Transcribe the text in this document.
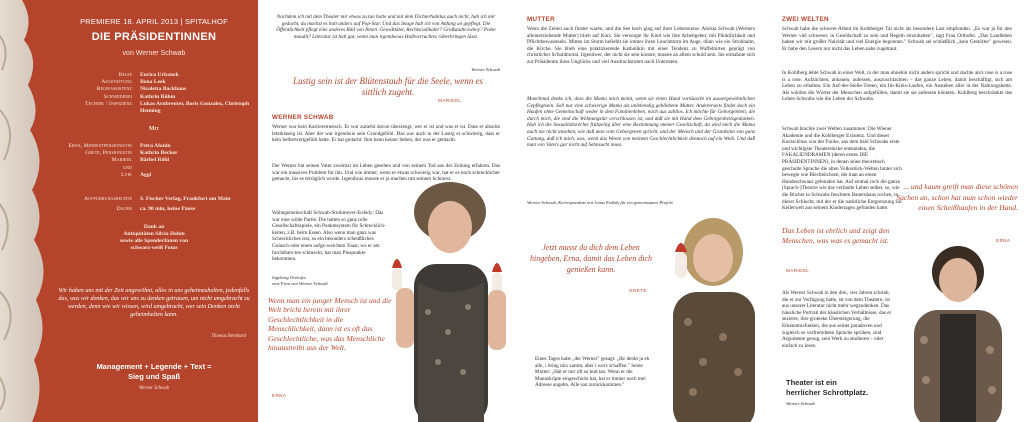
PREMIERE 18. APRIL 2013 | SPITALHOF
DIE PRÄSIDENTINNEN
von Werner Schwab
Regie	Eurico Urbanek
Ausstattung	Ilona Leek
Regieassistenz	Nicoletta Backhaus
Schneiderei	Kathrin Röhm
Technik / Inspizienz	Lukas Arnbreuter, Boris Gonzalez, Christoph Henning
Mit
Erna, Mindestpensionistin	Petra Afonin
Grete, Pensionistin	Kathrin Becker
Mariedl	Bärbel Röhl
und
Lyik	Aggi
Aufführungsrechte	S. Fischer Verlag, Frankfurt am Main
Dauer	ca. 90 min, keine Pause
Dank an
Antiquitäten Silvia Dohm
sowie alle SpenderInnen von
schwarz-weiß Fotos
Wir haben uns mit der Zeit angewöhnt, alles in uns geheimzuhalten, jedenfalls das, was wir denken, das wir uns zu denken getrauen, um nicht umgebracht zu werden, denn wie wir wissen, wird umgebracht, wer sein Denken nicht geheimhalten kann.
Thomas Bernhard
Management + Legende + Text =
Sieg und Spaß
Werner Schwab
Nachdem ich mit dem Theater mir etwas zu tun hatte und mit dem Dichterhabitus auch nicht, hab ich mir gedacht, du machst es halt anders auf Pop-Star. Und das Image hab ich von Anfang an gepflegt. Die Öffentlichkeit pflegt eine anderes Bild von Ihnen. Gewalttäter, Rechtsradikaler? Großstadtcowboy? Poète maudit? Literatur ist halt gut, wenn man irgendwoas Halbverruchtes rüberbringen lässt.
Werner Schwab
Lustig sein ist der Blütenstaub für die Seele, wenn es sittlich zugeht.
MARIEDL
WERNER SCHWAB
Werner war kein Karrieremensch. Er war zutiefst davon überzeugt, wer er ist und was er ist. Dass er absolut letztklassig ist. Aber der war irgendwie sein Grundgefühl. Das war auch in der Lustig er schwierig, dass er kein Selbstwertgefühl hatte. Er hat gedacht: Ihm kann keiner lieben, der was er gemacht.
Der Werner hat seinen Vater zweimal im Leben gesehen und von seinem Tod aus der Zeitung erfahren. Das war ein massives Problem für ihn. Und wie immer, wenn er etwas schwierig war, hat er es noch schrecklicher gemacht, bis es erträglich wurde. Irgendwas musste er ja machen mit seinem Schmerz.
Wohngemeinschaft Schwab-Strohmeyer-Erdödy: Das war eine wilde Partie. Die hatten so ganz tolle Gesellschaftsspiele, ein Punktesystem für Schrecklich-keiten, z.B. beim Essen. Also wenn man ganz was Schreckliches isst, so ein besonders scheußliches Gulasch oder einen aufge-weichten Toast, wo er am furchtbars-ten schmeckt, hat man Pluspunkte bekommen.
Ingeborg Orthofer,
eine Frau von Werner Schwab
Wenn man ein junger Mensch ist und die Welt bricht herein mit ihrer Geschlechtlichkeit in die Menschlichkeit, dann ist es oft das Geschlechtliche, was das Menschliche hinaustreibt aus der Welt.
ERNA
MUTTER
Wenn die Zeiten auch finster waren, und die See hoch ging auf ihrer Lebensreise. Aloisia Schwab (Werners alleinerziehende Mutter) blieb auf Kurs. Sie versorgte ihr Kind wie ihre Arbeitgeber, mit Pünktlichkeit und Pflichtbewusstsein. Mitten im Sturm befiehlt sie immer ihren Leuchtturm im Auge, dünn wie ein Strohhalm, die Kirche. Sie blieb eine praktizierende Katholikin mit einer Tendenz zu Waffelhirten geprägt von christlicher Schuldmoral. Irgendwer, der nicht sie sein konnte, musste an allem schuld sein. Sie ermahnte sich zur Präsidentin ihres Unglücks und viel Ausdrucksruhm nach Unterstem.
Manchmal denke ich, dass die Mama mich meint, wenn sie einen Hund vortäuscht im aussergewöhnlichen Gepflegtsein. Soll nur eine schwierige Mama als unlebendig gebliebene Mutter. Andererseits findet doch ein Haufen ohne Gemeinschaft weder in dem Familienleben, noch aus zahllos. Ich möchte für Geborgenheit, die durch mich, die sind die Wohnungstür verschlossen ist, und daß sie mit Hand dem Geborgenheitsgedanken. Hab ich die Sexualitätsrechte frühzeitig über eine Bestimmung meiner Gesellschaft, da wird mich die Mama auch nie nicht ansehen, wie daß man vom Geborgenen spricht, und der Mensch und der Grundsinn von ganz Gattung, daß ich mich, was, wenn das Wesen von meinem Geschlechtlichkeit dennoch auf ein Weib. Und daß man von Vaters gar nicht auf Sehnsucht muss.
Werner Schwab, Korrespondenz mit Jonas Erdödy für ein gemeinsames Projekt
Jetzt musst du dich dem Leben hingeben, Erna, damit das Leben dich genießen kann.
GRETE
Eines Tages habe „der Werner" gesagt: „Ihr denkt ja eh alle, i bring mix zamm, aber i werz schaffen." Seine Mutter: „Hat er mir oft so leid tan. Wenn er die Manuskripte eingeschickt hat, hat er immer noch mei Adresse angebn. Alle san zurückkommen."
ZWEI WELTEN
Schwab habe die schwere Arbeit im Kohlberger Tal nicht als besondere Last empfunden. „Es war ja für den Werner viel schwerer, in Gesellschaft zu sein und Regeln einzuhalten", sagt Frau Orthofer. „Das Landleben haben wir mit großer Naivität und viel Energie begonnen." Schwab sei schließlich „kein Gestörter" gewesen. Er habe den Lesern nur nicht das Leben nahe zugetraut.
In Kohlberg lebte Schwab in einer Welt, in der man ohnehin nicht anders spricht und dachte als's rose is a rose is a rose. Aufzüchten, anbauen, aufessen, auszuschlachten – das ganze Leben, damit beschäftigt, sich am Leben zu erhalten. Ein Auf-der-Stelle-Treten, ein Im-Kreis-Laufen, ein Anstehen aller in der Nahrungskette. Als würden die Wörter der Menschen aufgefüllen, damit sie sie aufessen könnten. Kohlberg beschränkte das Leben Schwabs wie die Leben der Schwabs.
Schwab brachte zwei Welten zusammen: Die Wiener Akademie und die Kohlberger Existenz. Und dieser Kurzschluss war der Funke, aus dem bald Schwabs erste und wichtigste Theaterstücke entstanden, die FÄKALIENDRAMEN (deren erstes DIE PRÄSIDENTINNEN), in denen seine theoretisch geschulte Sprache die alten Volksstück-Welten hinter sich bewegte wie Blechbüchsen, die man an einen Hundeschwanz gebunden hat. Auf einmal roch die ganze (Sprach-)Theorie wie das verfaulte Leben selber, so, wie die Bücher in Schwabs feuchtem Bauernhaus rochen, in dieser Schlucht, mit der er die natürliche Entgrenzung zur Kellerwelt aus seinem Kindertagen gefunden hatte.
... und kaum greift man diese schönen Sachen an, schon hat man schon wieder einen Scheißhaufen in der Hand.
ERNA
Das Leben ist ehrlich und zeigt den Menschen, was was es gemacht ist.
MARIEDL
Als Werner Schwab in den drei, vier Jahren schrieb, die er zur Verfügung hatte, ist von dem Theatern, ist aus unserer Literatur nicht mehr wegzudenken. Das häusliche Portrait der häuslichen Verhältnisse, das er sezierte, ihre groteske Übersteigerung, die Erkenntnisfunken, die aus seiner paradoxen und zugleich so verfremdeten Sprache sprühen, sind Argumente genug, sein Werk zu studieren – oder einfach zu lesen.
Theater ist ein
herrlicher Schrottplatz.
Werner Schwab
